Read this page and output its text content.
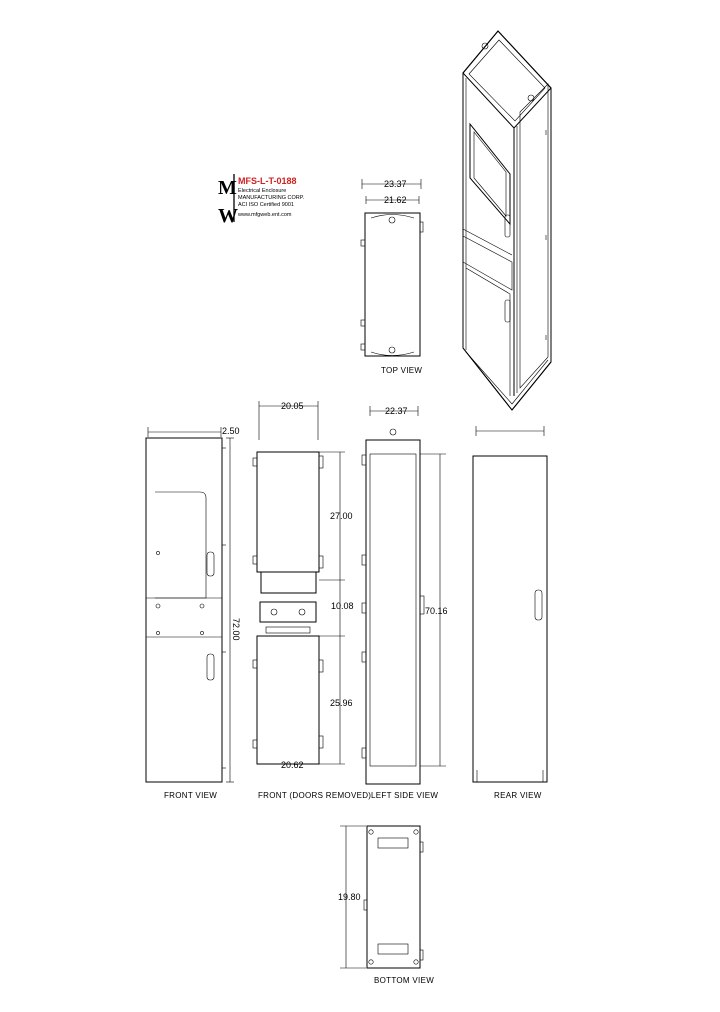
M
W
MFS-L-T-0188
Electrical Enclosure
MANUFACTURING CORP.
ACI ISO Certified 9001
www.mfgweb.ent.com
23.37
21.62
TOP VIEW
2.50
72.00
FRONT VIEW
20.05
27.00
10.08
25.96
20.62
FRONT (DOORS REMOVED)
22.37
70.16
LEFT SIDE VIEW	REAR VIEW
19.80
BOTTOM VIEW
